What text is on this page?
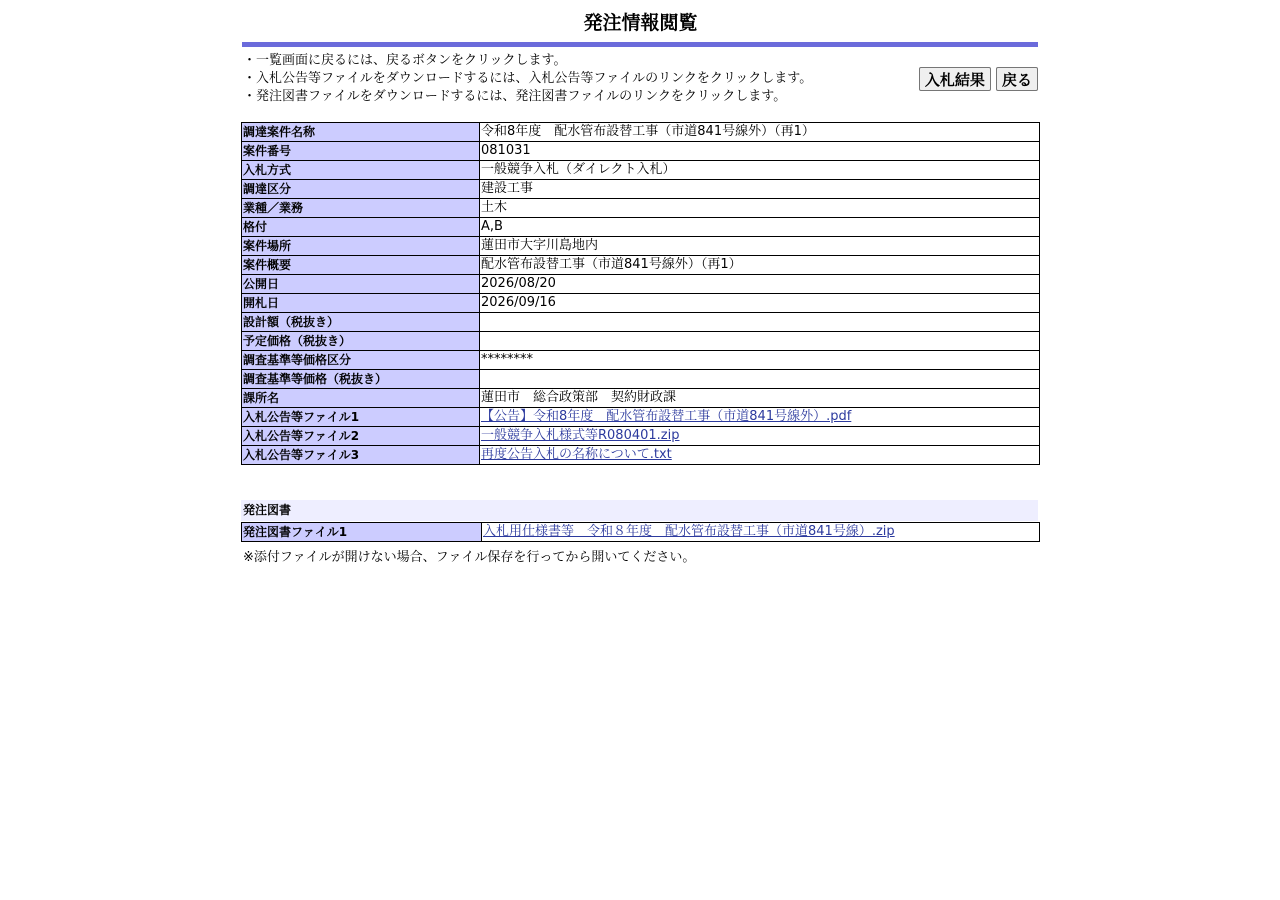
発注情報閲覧
・一覧画面に戻るには、戻るボタンをクリックします。
・入札公告等ファイルをダウンロードするには、入札公告等ファイルのリンクをクリックします。
・発注図書ファイルをダウンロードするには、発注図書ファイルのリンクをクリックします。
入札結果 戻る
調達案件名称	令和8年度　配水管布設替工事（市道841号線外）（再1）
案件番号	081031
入札方式	一般競争入札（ダイレクト入札）
調達区分	建設工事
業種／業務	土木
格付	A,B
案件場所	蓮田市大字川島地内
案件概要	配水管布設替工事（市道841号線外）（再1）
公開日	2026/08/20
開札日	2026/09/16
設計額（税抜き）	
予定価格（税抜き）	
調査基準等価格区分	********
調査基準等価格（税抜き）	
課所名	蓮田市　総合政策部　契約財政課
入札公告等ファイル1	【公告】令和8年度　配水管布設替工事（市道841号線外）.pdf
入札公告等ファイル2	一般競争入札様式等R080401.zip
入札公告等ファイル3	再度公告入札の名称について.txt
発注図書
発注図書ファイル1	入札用仕様書等　令和８年度　配水管布設替工事（市道841号線）.zip
※添付ファイルが開けない場合、ファイル保存を行ってから開いてください。
